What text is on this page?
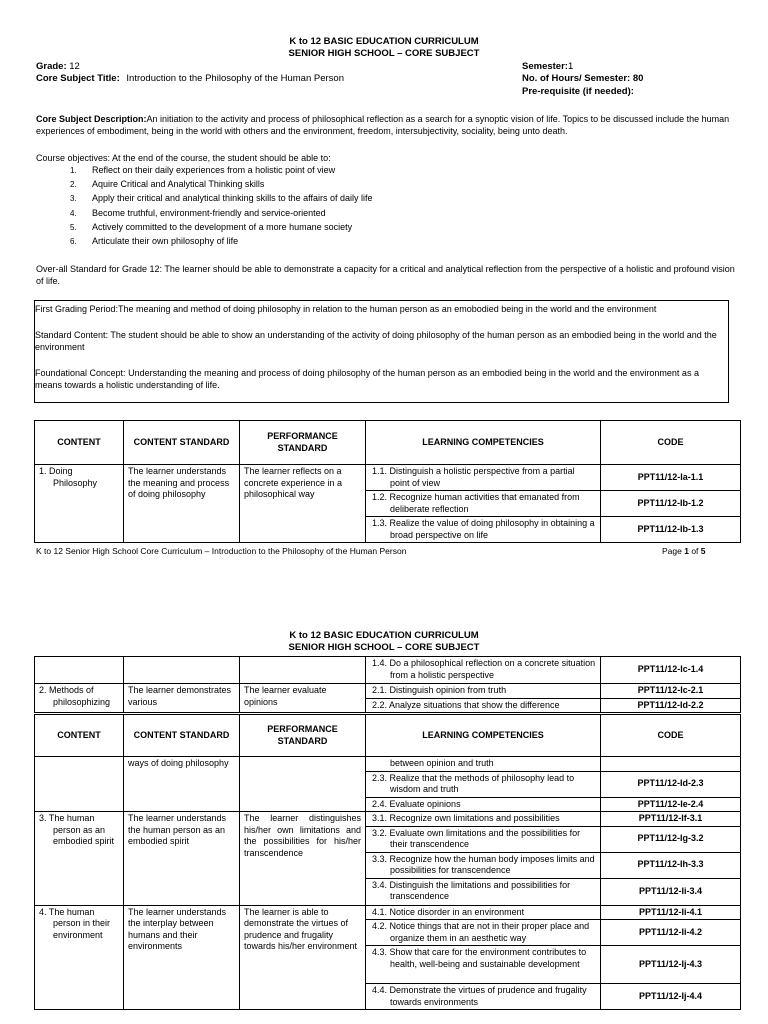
K to 12 BASIC EDUCATION CURRICULUM
SENIOR HIGH SCHOOL – CORE SUBJECT
Grade: 12
Core Subject Title: Introduction to the Philosophy of the Human Person
Semester:1
No. of Hours/ Semester: 80
Pre-requisite (if needed):
Core Subject Description:An initiation to the activity and process of philosophical reflection as a search for a synoptic vision of life. Topics to be discussed include the human experiences of embodiment, being in the world with others and the environment, freedom, intersubjectivity, sociality, being unto death.
Course objectives: At the end of the course, the student should be able to:
1. Reflect on their daily experiences from a holistic point of view
2. Aquire Critical and Analytical Thinking skills
3. Apply their critical and analytical thinking skills to the affairs of daily life
4. Become truthful, environment-friendly and service-oriented
5. Actively committed to the development of a more humane society
6. Articulate their own philosophy of life
Over-all Standard for Grade 12: The learner should be able to demonstrate a capacity for a critical and analytical reflection from the perspective of a holistic and profound vision of life.

First Grading Period:The meaning and method of doing philosophy in relation to the human person as an emobodied being in the world and the environment

Standard Content: The student should be able to show an understanding of the activity of doing philosophy of the human person as an embodied being in the world and the environment

Foundational Concept: Understanding the meaning and process of doing philosophy of the human person as an embodied being in the world and the environment as a means towards a holistic understanding of life.

CONTENT	CONTENT STANDARD	PERFORMANCE STANDARD	LEARNING COMPETENCIES	CODE

1. Doing Philosophy	The learner understands the meaning and process of doing philosophy	The learner reflects on a concrete experience in a philosophical way	1.1. Distinguish a holistic perspective from a partial point of view	PPT11/12-Ia-1.1

			1.2. Recognize human activities that emanated from deliberate reflection	PPT11/12-Ib-1.2

			1.3. Realize the value of doing philosophy in obtaining a broad perspective on life	PPT11/12-Ib-1.3
K to 12 Senior High School Core Curriculum – Introduction to the Philosophy of the Human Person	Page 1 of 5
K to 12 BASIC EDUCATION CURRICULUM
SENIOR HIGH SCHOOL – CORE SUBJECT

			1.4. Do a philosophical reflection on a concrete situation from a holistic perspective	PPT11/12-Ic-1.4

2. Methods of philosophizing	The learner demonstrates various	The learner evaluate opinions	2.1. Distinguish opinion from truth	PPT11/12-Ic-2.1

			2.2. Analyze situations that show the difference	PPT11/12-Id-2.2
CONTENT	CONTENT STANDARD	PERFORMANCE STANDARD	LEARNING COMPETENCIES	CODE
	ways of doing philosophy		between opinion and truth	

			2.3. Realize that the methods of philosophy lead to wisdom and truth	PPT11/12-Id-2.3

			2.4. Evaluate opinions	PPT11/12-Ie-2.4

3. The human person as an embodied spirit	The learner understands the human person as an embodied spirit	The learner distinguishes his/her own limitations and the possibilities for his/her transcendence	3.1. Recognize own limitations and possibilities	PPT11/12-If-3.1

			3.2. Evaluate own limitations and the possibilities for their transcendence	PPT11/12-Ig-3.2

			3.3. Recognize how the human body imposes limits and possibilities for transcendence	PPT11/12-Ih-3.3

			3.4. Distinguish the limitations and possibilities for transcendence	PPT11/12-Ii-3.4

4. The human person in their environment	The learner understands the interplay between humans and their environments	The learner is able to demonstrate the virtues of prudence and frugality towards his/her environment	4.1. Notice disorder in an environment	PPT11/12-Ii-4.1

			4.2. Notice things that are not in their proper place and organize them in an aesthetic way	PPT11/12-Ii-4.2

			4.3. Show that care for the environment contributes to health, well-being and sustainable development	PPT11/12-Ij-4.3

			4.4. Demonstrate the virtues of prudence and frugality towards environments	PPT11/12-Ij-4.4
